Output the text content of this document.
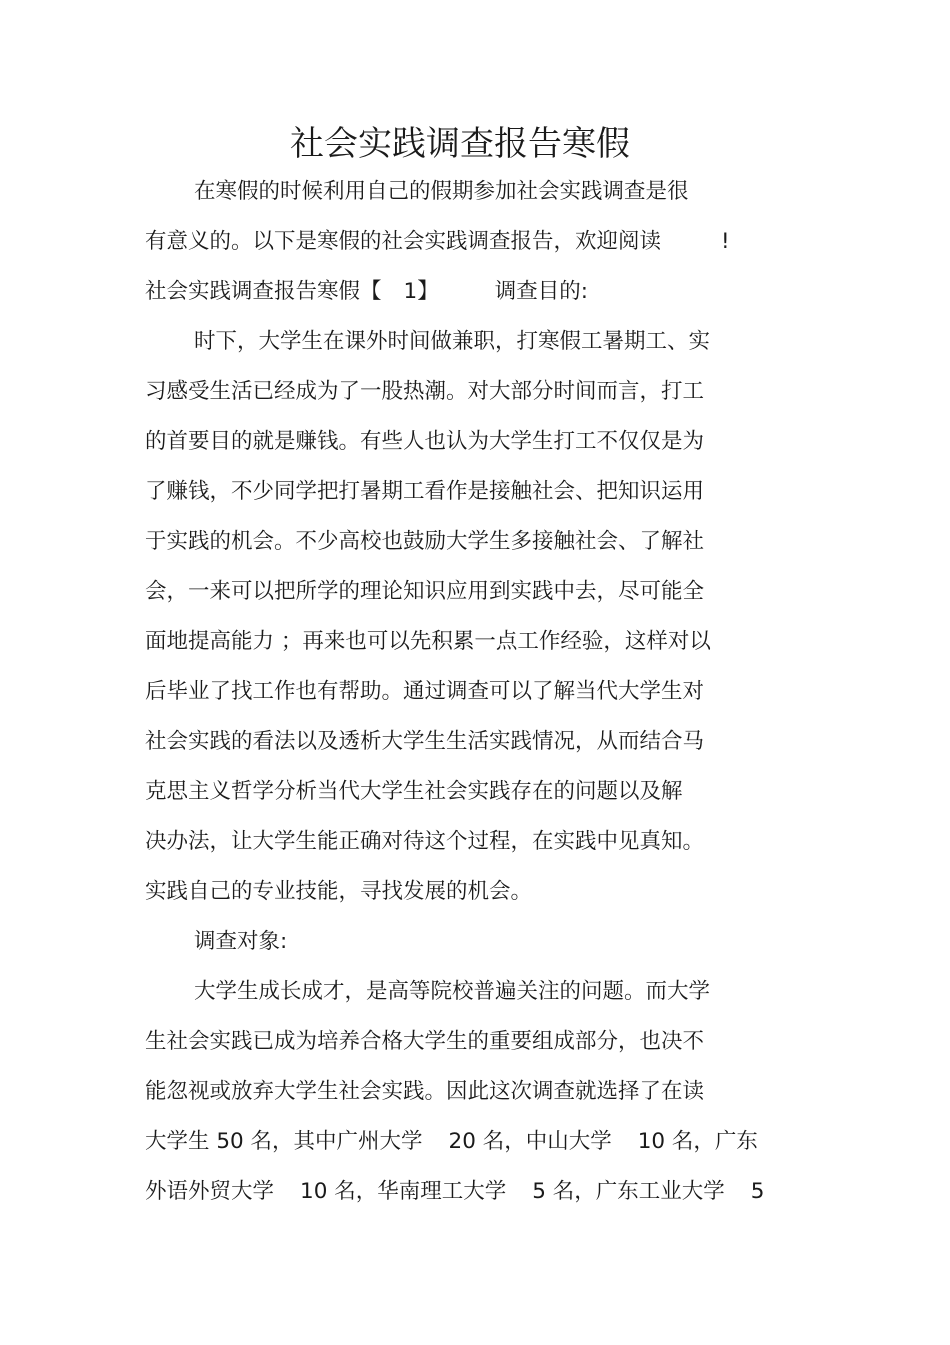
社会实践调查报告寒假
在寒假的时候利用自己的假期参加社会实践调查是很
有意义的。以下是寒假的社会实践调查报告，欢迎阅读	!
社会实践调查报告寒假【 1】	调查目的:
时下，大学生在课外时间做兼职，打寒假工暑期工、实
习感受生活已经成为了一股热潮。对大部分时间而言，打工
的首要目的就是赚钱。有些人也认为大学生打工不仅仅是为
了赚钱，不少同学把打暑期工看作是接触社会、把知识运用
于实践的机会。不少高校也鼓励大学生多接触社会、了解社
会，一来可以把所学的理论知识应用到实践中去，尽可能全
面地提高能力 ；再来也可以先积累一点工作经验，这样对以
后毕业了找工作也有帮助。通过调查可以了解当代大学生对
社会实践的看法以及透析大学生生活实践情况，从而结合马
克思主义哲学分析当代大学生社会实践存在的问题以及解
决办法，让大学生能正确对待这个过程，在实践中见真知。
实践自己的专业技能，寻找发展的机会。
调查对象:
大学生成长成才，是高等院校普遍关注的问题。而大学
生社会实践已成为培养合格大学生的重要组成部分，也决不
能忽视或放弃大学生社会实践。因此这次调查就选择了在读
大学生 50 名，其中广州大学 20 名，中山大学 10 名，广东
外语外贸大学 10 名，华南理工大学 5 名，广东工业大学 5
